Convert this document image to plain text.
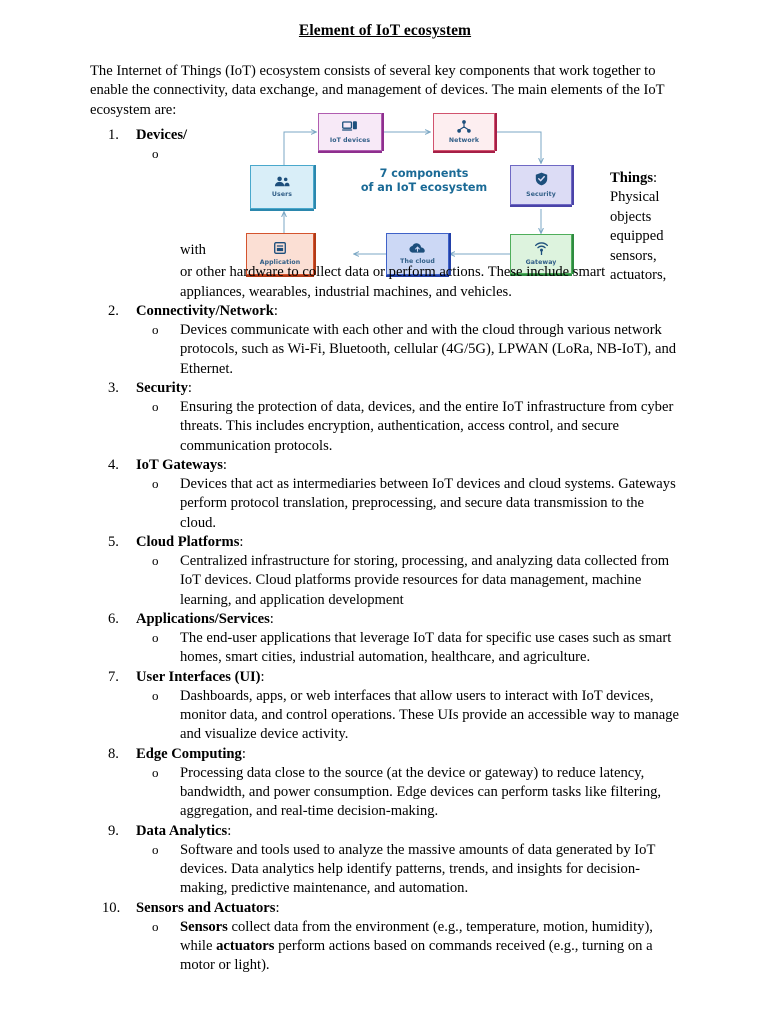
Element of IoT ecosystem

The Internet of Things (IoT) ecosystem consists of several key components that work together to enable the connectivity, data exchange, and management of devices. The main elements of the IoT ecosystem are:

7 components
of an IoT ecosystem
IoT devices	Network
Security
Gateway
The cloud
Application
Users
Things: Physical objects equipped sensors, actuators,
with
1.	Devices/
o
or other hardware to collect data or perform actions. These include smart
appliances, wearables, industrial machines, and vehicles.
2.	Connectivity/Network:
o Devices communicate with each other and with the cloud through various network protocols, such as Wi-Fi, Bluetooth, cellular (4G/5G), LPWAN (LoRa, NB-IoT), and Ethernet.
3.	Security:
o Ensuring the protection of data, devices, and the entire IoT infrastructure from cyber threats. This includes encryption, authentication, access control, and secure communication protocols.
4.	IoT Gateways:
o Devices that act as intermediaries between IoT devices and cloud systems. Gateways perform protocol translation, preprocessing, and secure data transmission to the cloud.
5.	Cloud Platforms:
o Centralized infrastructure for storing, processing, and analyzing data collected from IoT devices. Cloud platforms provide resources for data management, machine learning, and application development
6.	Applications/Services:
o The end-user applications that leverage IoT data for specific use cases such as smart homes, smart cities, industrial automation, healthcare, and agriculture.
7.	User Interfaces (UI):
o Dashboards, apps, or web interfaces that allow users to interact with IoT devices, monitor data, and control operations. These UIs provide an accessible way to manage and visualize device activity.
8.	Edge Computing:
o Processing data close to the source (at the device or gateway) to reduce latency, bandwidth, and power consumption. Edge devices can perform tasks like filtering, aggregation, and real-time decision-making.
9.	Data Analytics:
o Software and tools used to analyze the massive amounts of data generated by IoT devices. Data analytics help identify patterns, trends, and insights for decision-making, predictive maintenance, and automation.
10.	Sensors and Actuators:
o Sensors collect data from the environment (e.g., temperature, motion, humidity), while actuators perform actions based on commands received (e.g., turning on a motor or light).
